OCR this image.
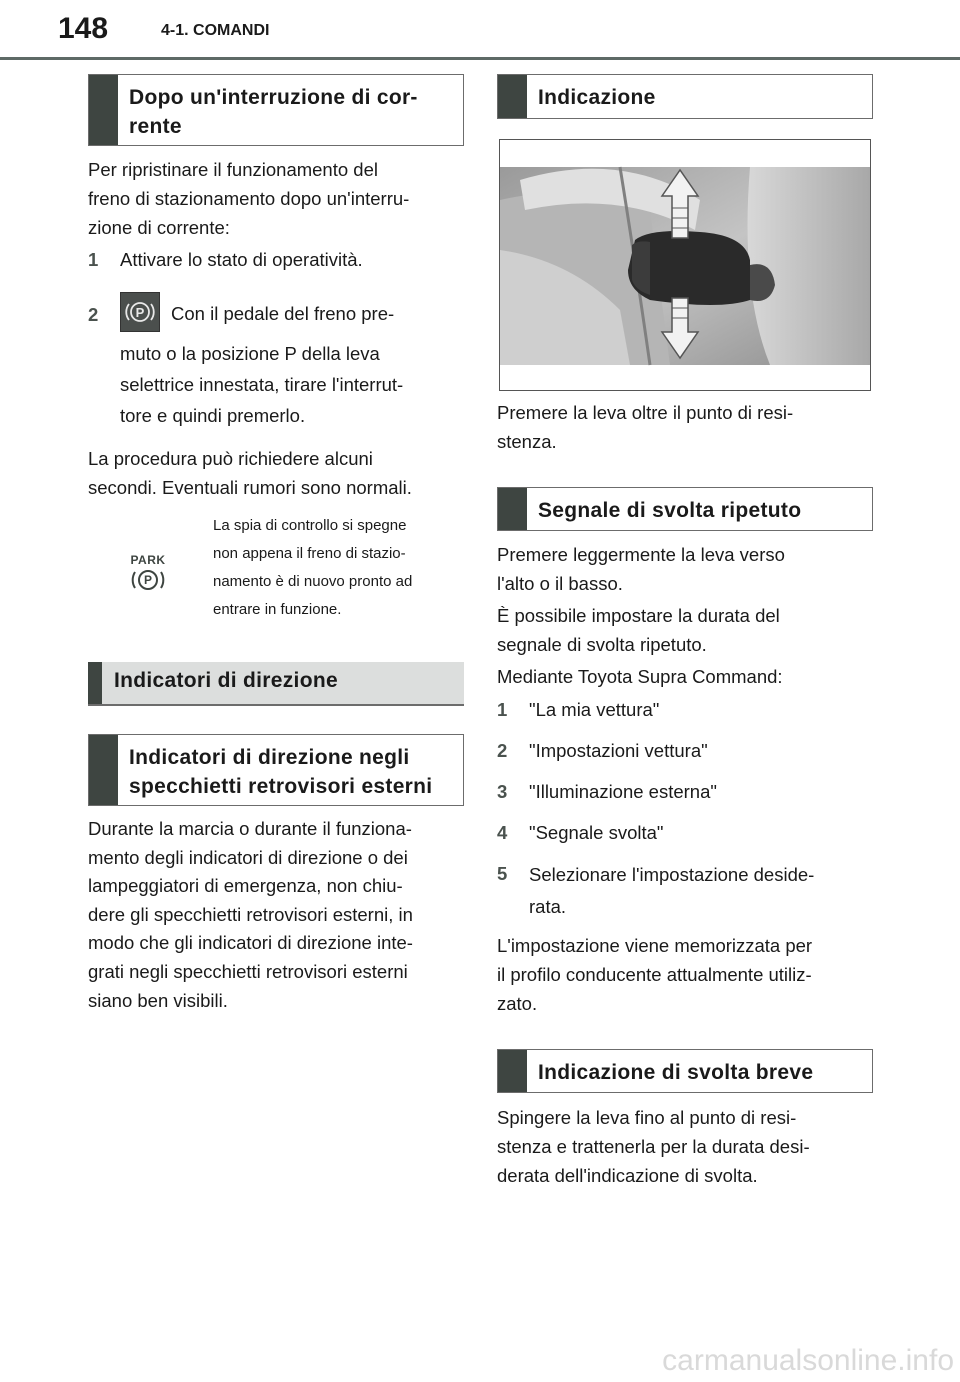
148	4-1. COMANDI
Dopo un'interruzione di cor-
rente
Per ripristinare il funzionamento del
freno di stazionamento dopo un'interru-
zione di corrente:
1 Attivare lo stato di operatività.
2	P Con il pedale del freno pre-
muto o la posizione P della leva
selettrice innestata, tirare l'interrut-
tore e quindi premerlo.
La procedura può richiedere alcuni
secondi. Eventuali rumori sono normali.
PARK
P
La spia di controllo si spegne
non appena il freno di stazio-
namento è di nuovo pronto ad
entrare in funzione.
Indicatori di direzione
Indicatori di direzione negli
specchietti retrovisori esterni
Durante la marcia o durante il funziona-
mento degli indicatori di direzione o dei
lampeggiatori di emergenza, non chiu-
dere gli specchietti retrovisori esterni, in
modo che gli indicatori di direzione inte-
grati negli specchietti retrovisori esterni
siano ben visibili.
Indicazione
Premere la leva oltre il punto di resi-
stenza.
Segnale di svolta ripetuto
Premere leggermente la leva verso
l'alto o il basso.
È possibile impostare la durata del
segnale di svolta ripetuto.
Mediante Toyota Supra Command:
1 "La mia vettura"
2 "Impostazioni vettura"
3 "Illuminazione esterna"
4 "Segnale svolta"
5 Selezionare l'impostazione deside-
rata.
L'impostazione viene memorizzata per
il profilo conducente attualmente utiliz-
zato.
Indicazione di svolta breve
Spingere la leva fino al punto di resi-
stenza e trattenerla per la durata desi-
derata dell'indicazione di svolta.
carmanualsonline.info
